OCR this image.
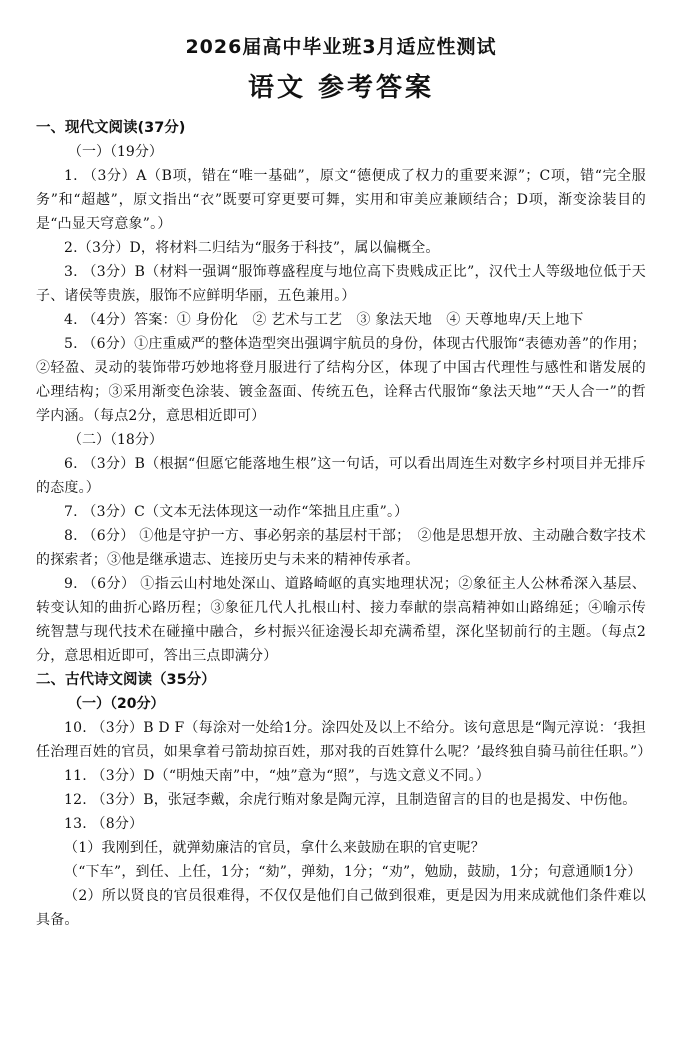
2026届高中毕业班3月适应性测试
语文 参考答案
一、现代文阅读(37分)
（一）（19分）

1. （3分）A（B项，错在“唯一基础”，原文“德便成了权力的重要来源”；C项，错“完全服务”和“超越”，原文指出“衣”既要可穿更要可舞，实用和审美应兼顾结合；D项，渐变涂装目的是“凸显天穹意象”。）

2.（3分）D，将材料二归结为“服务于科技”，属以偏概全。

3. （3分）B（材料一强调“服饰尊盛程度与地位高下贵贱成正比”，汉代士人等级地位低于天子、诸侯等贵族，服饰不应鲜明华丽，五色兼用。）

4. （4分）答案：① 身份化　② 艺术与工艺　③ 象法天地　④ 天尊地卑/天上地下

5. （6分）①庄重威严的整体造型突出强调宇航员的身份，体现古代服饰“表德劝善”的作用；②轻盈、灵动的装饰带巧妙地将登月服进行了结构分区，体现了中国古代理性与感性和谐发展的心理结构；③采用渐变色涂装、镀金盔面、传统五色，诠释古代服饰“象法天地”“天人合一”的哲学内涵。（每点2分，意思相近即可）

（二）（18分）

6. （3分）B（根据“但愿它能落地生根”这一句话，可以看出周连生对数字乡村项目并无排斥的态度。）

7. （3分）C（文本无法体现这一动作“笨拙且庄重”。）

8. （6分） ①他是守护一方、事必躬亲的基层村干部；　②他是思想开放、主动融合数字技术的探索者；③他是继承遗志、连接历史与未来的精神传承者。

9. （6分） ①指云山村地处深山、道路崎岖的真实地理状况；②象征主人公林希深入基层、转变认知的曲折心路历程；③象征几代人扎根山村、接力奉献的崇高精神如山路绵延；④喻示传统智慧与现代技术在碰撞中融合，乡村振兴征途漫长却充满希望，深化坚韧前行的主题。（每点2分，意思相近即可，答出三点即满分）

二、古代诗文阅读（35分）
（一）（20分）

10. （3分）B D F（每涂对一处给1分。涂四处及以上不给分。该句意思是“陶元淳说：‘我担任治理百姓的官员，如果拿着弓箭劫掠百姓，那对我的百姓算什么呢？’最终独自骑马前往任职。”）

11. （3分）D（“明烛天南”中，“烛”意为“照”，与选文意义不同。）

12. （3分）B，张冠李戴，余虎行贿对象是陶元淳，且制造留言的目的也是揭发、中伤他。

13. （8分）

（1）我刚到任，就弹劾廉洁的官员，拿什么来鼓励在职的官吏呢？

（“下车”，到任、上任，1分；“劾”，弹劾，1分；“劝”，勉励，鼓励，1分；句意通顺1分）

（2）所以贤良的官员很难得，不仅仅是他们自己做到很难，更是因为用来成就他们条件难以具备。
